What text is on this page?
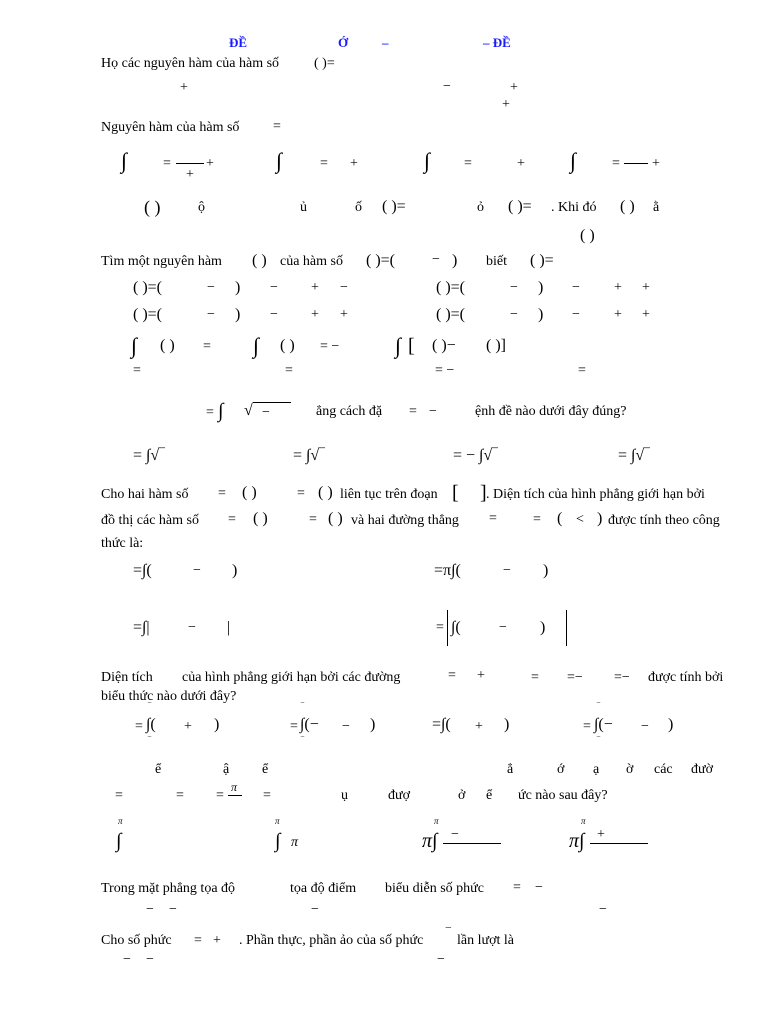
ĐỀ	Ớ	–	– ĐỀ
Họ các nguyên hàm của hàm số ( )=
+	−	+
+
Nguyên hàm của hàm số =
∫	=	+
+
∫	= +	∫ =	+ ∫	= +
( )	ộ	ủ	ố ( )=	ỏ ( )= . Khi đó ( ) ằ
( )
Tìm một nguyên hàm ( ) của hàm số ( )=(	− ) biết ( )=
( )=(	− ) − + −	( )=(	− ) − + +
( )=(	− ) − + +	( )=(	− ) − + +
∫ ( ) = ∫ ( ) = −	∫ [ ( )− ( )]
=	=	= −	=
= ∫ √ −	ẳng cách đặ = −	ệnh đề nào dưới đây đúng?
= ∫√‾	= ∫√‾	= − ∫√‾	= ∫√‾
Cho hai hàm số = ( )	= ( ) liên tục trên đoạn [ ] . Diện tích của hình phẳng giới hạn bởi
đồ thị các hàm số = ( )	= ( ) và hai đường thẳng =	= ( < ) được tính theo công
thức là:
=∫(	− )	=π∫(	− )
=∫|	− |	= ∫(	− )
Diện tích của hình phẳng giới hạn bởi các đường	= +	= =− =− được tính bởi
biểu thức nào dưới đây?
=
‾
∫( + )
‾
=
‾
∫(− − )
‾
=∫( + )	=
‾
∫(− − )
‾
ể	ậ ể	ẳ	ớ ạ ờ các đườ
=	= =
π
=	ụ	đượ	ở ể ức nào sau đây?
π
∫
π
∫ π
π
π∫ −
π
π∫ +
Trong mặt phẳng tọa độ	tọa độ điểm biểu diễn số phức = −
− −	−	−
Cho số phức = + . Phần thực, phần ảo của số phức ‾ lần lượt là
− −	−
